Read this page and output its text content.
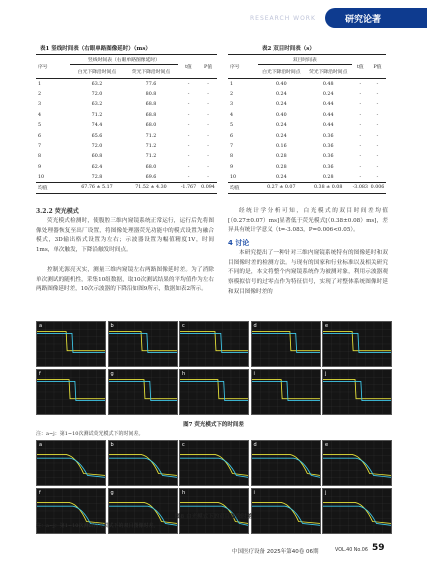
RESEARCH WORK	研究论著
表1 竖线时间表（右眼单路图像延时）（ms）
序号	竖线时间表（右眼单路图像延时）		t值	P值
	白光下降沿时间点	荧光下降沿时间点		
1	63.2	77.6	-	-
2	72.0	80.8	-	-
3	63.2	68.8	-	-
4	71.2	68.8	-	-
5	74.4	68.0	-	-
6	65.6	71.2	-	-
7	72.0	71.2	-	-
8	60.8	71.2	-	-
9	62.4	68.0	-	-
10	72.8	69.6	-	-
均值	67.76 ± 5.17	71.52 ± 4.30	-1.767	0.094
表2 双目时间表（s）
序号	双目时间表		t值	P值
	白光下降沿时间点	荧光下降沿时间点		
1	0.40	0.48	-	-
2	0.24	0.24	-	-
3	0.24	0.44	-	-
4	0.40	0.44	-	-
5	0.24	0.44	-	-
6	0.24	0.36	-	-
7	0.16	0.36	-	-
8	0.28	0.36	-	-
9	0.28	0.36	-	-
10	0.24	0.28	-	-
均值	0.27 ± 0.07	0.38 ± 0.08	-3.083	0.006
3.2.2 荧光模式
荧光模式检测时，使腹腔三维内窥镜系统正常运行，运行后先将图像处理器恢复至出厂设置，将图像处理器荧光功能中的模式设置为融合模式，3D输出格式设置为左右；示波器设置为幅值精度1V，时间1ms，单次触发，下降沿触发时间点。
控制光源亮灭实，测量三维内窥镜左右两路图像延时差。为了消除单次测试的随机性，采集10组数据，取10次测试结果的平均值作为左右两路图像延时差，10次示波器的下降沿如图9所示，数据如表2所示。
经统计学分析可知，白光模式的双目时间差均值[（0.27±0.07）ms]显著低于荧光模式[（0.38±0.08）ms]，差异具有统计学意义（t=-3.083，P=0.006<0.05）。
4 讨论
本研究提出了一种针对三维内窥镜系统特有的图像延时和双目图像时差的检测方法。与现有的国家和行业标准以及相关研究不同的是，本文将整个内窥镜系统作为被测对象，利用示波器观察模拟信号的过零点作为特征信号，实现了对整体系统图像时延和双目图像时差的
a	b	c	d	e
f	g	h	i	j
图7 荧光模式下的时间差
注：a~j：第1~10次测试荧光模式下的时间差。
a	b	c	d	e
f	g	h	i	j
图8 白光模式下的双目图像时差
注：a~j：第1~10次测试白光模式下的双目图像时差。
中国医疗设备 2025年第40卷 06期	VOL.40 No.06 59
